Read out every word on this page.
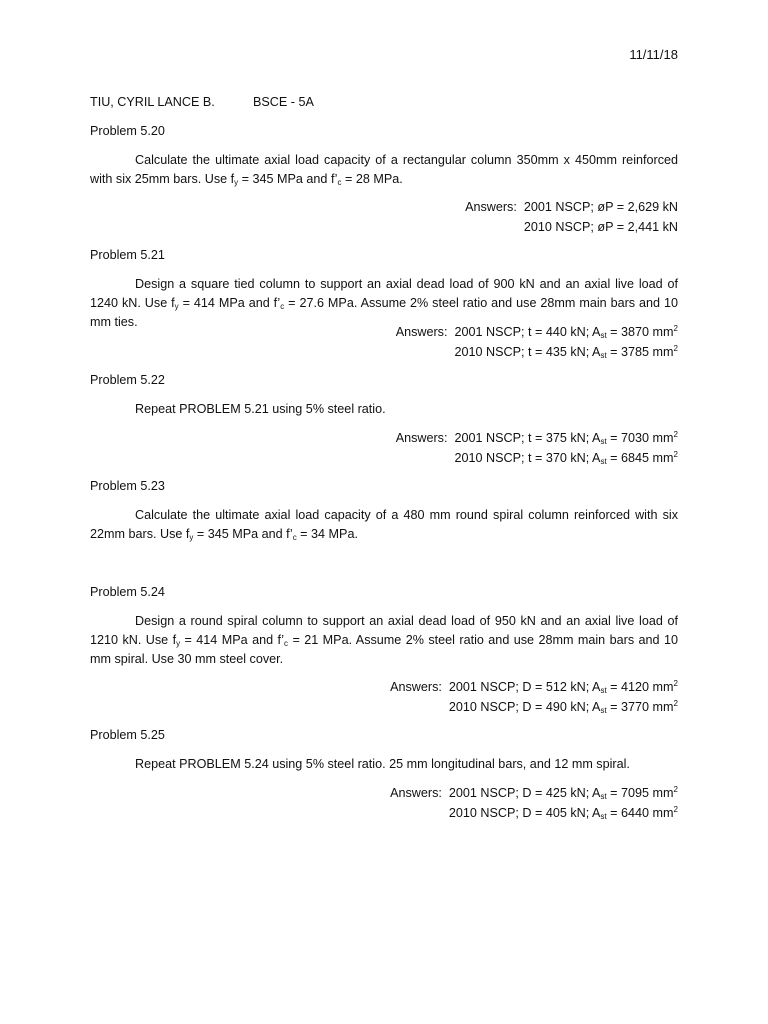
11/11/18
TIU, CYRIL LANCE B.	BSCE - 5A
Problem 5.20
Calculate the ultimate axial load capacity of a rectangular column 350mm x 450mm reinforced with six 25mm bars. Use $f_y = 345$ MPa and $f’_c = 28$ MPa.
Answers: 2001 NSCP; øP = 2,629 kN
2010 NSCP; øP = 2,441 kN
Problem 5.21
Design a square tied column to support an axial dead load of 900 kN and an axial live load of 1240 kN. Use $f_y = 414$ MPa and $f’_c = 27.6$ MPa. Assume 2% steel ratio and use 28mm main bars and 10 mm ties.
Answers: 2001 NSCP; t = 440 kN; $A_{st} = 3870$ $mm^2$
2010 NSCP; t = 435 kN; $A_{st} = 3785$ $mm^2$
Problem 5.22
Repeat PROBLEM 5.21 using 5% steel ratio.
Answers: 2001 NSCP; t = 375 kN; $A_{st} = 7030$ $mm^2$
2010 NSCP; t = 370 kN; $A_{st} = 6845$ $mm^2$
Problem 5.23
Calculate the ultimate axial load capacity of a 480 mm round spiral column reinforced with six 22mm bars. Use $f_y = 345$ MPa and $f’_c = 34$ MPa.
Problem 5.24
Design a round spiral column to support an axial dead load of 950 kN and an axial live load of 1210 kN. Use $f_y = 414$ MPa and $f’_c = 21$ MPa. Assume 2% steel ratio and use 28mm main bars and 10 mm spiral. Use 30 mm steel cover.
Answers: 2001 NSCP; D = 512 kN; $A_{st} = 4120$ $mm^2$
2010 NSCP; D = 490 kN; $A_{st} = 3770$ $mm^2$
Problem 5.25
Repeat PROBLEM 5.24 using 5% steel ratio. 25 mm longitudinal bars, and 12 mm spiral.
Answers: 2001 NSCP; D = 425 kN; $A_{st} = 7095$ $mm^2$
2010 NSCP; D = 405 kN; $A_{st} = 6440$ $mm^2$
